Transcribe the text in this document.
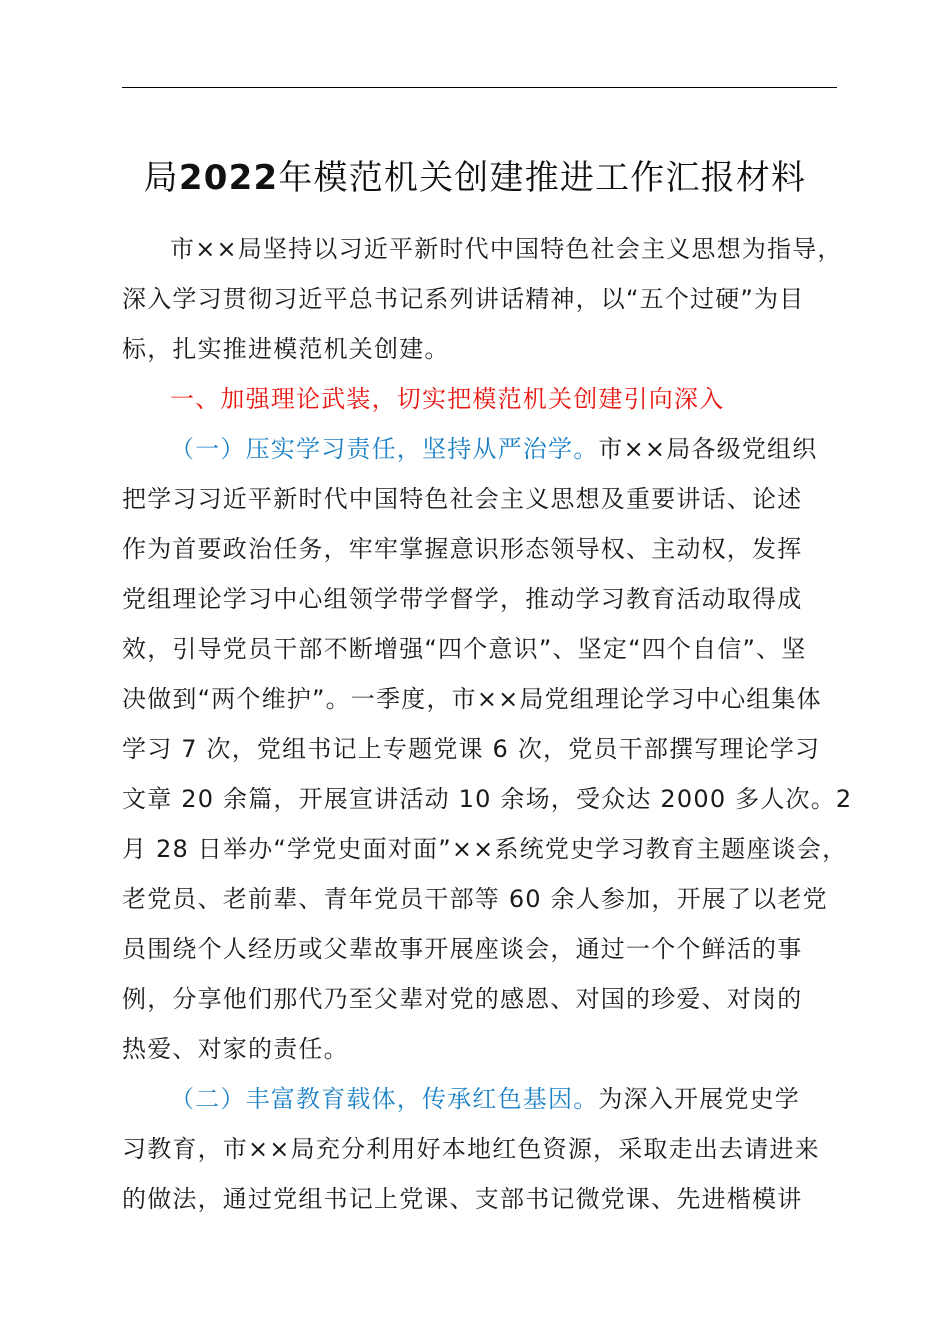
局2022年模范机关创建推进工作汇报材料
市××局坚持以习近平新时代中国特色社会主义思想为指导，
深入学习贯彻习近平总书记系列讲话精神，以“五个过硬”为目
标，扎实推进模范机关创建。
一、加强理论武装，切实把模范机关创建引向深入
（一）压实学习责任，坚持从严治学。市××局各级党组织
把学习习近平新时代中国特色社会主义思想及重要讲话、论述
作为首要政治任务，牢牢掌握意识形态领导权、主动权，发挥
党组理论学习中心组领学带学督学，推动学习教育活动取得成
效，引导党员干部不断增强“四个意识”、坚定“四个自信”、坚
决做到“两个维护”。一季度，市××局党组理论学习中心组集体
学习 7 次，党组书记上专题党课 6 次，党员干部撰写理论学习
文章 20 余篇，开展宣讲活动 10 余场，受众达 2000 多人次。2
月 28 日举办“学党史面对面”××系统党史学习教育主题座谈会，
老党员、老前辈、青年党员干部等 60 余人参加，开展了以老党
员围绕个人经历或父辈故事开展座谈会，通过一个个鲜活的事
例，分享他们那代乃至父辈对党的感恩、对国的珍爱、对岗的
热爱、对家的责任。
（二）丰富教育载体，传承红色基因。为深入开展党史学
习教育，市××局充分利用好本地红色资源，采取走出去请进来
的做法，通过党组书记上党课、支部书记微党课、先进楷模讲
